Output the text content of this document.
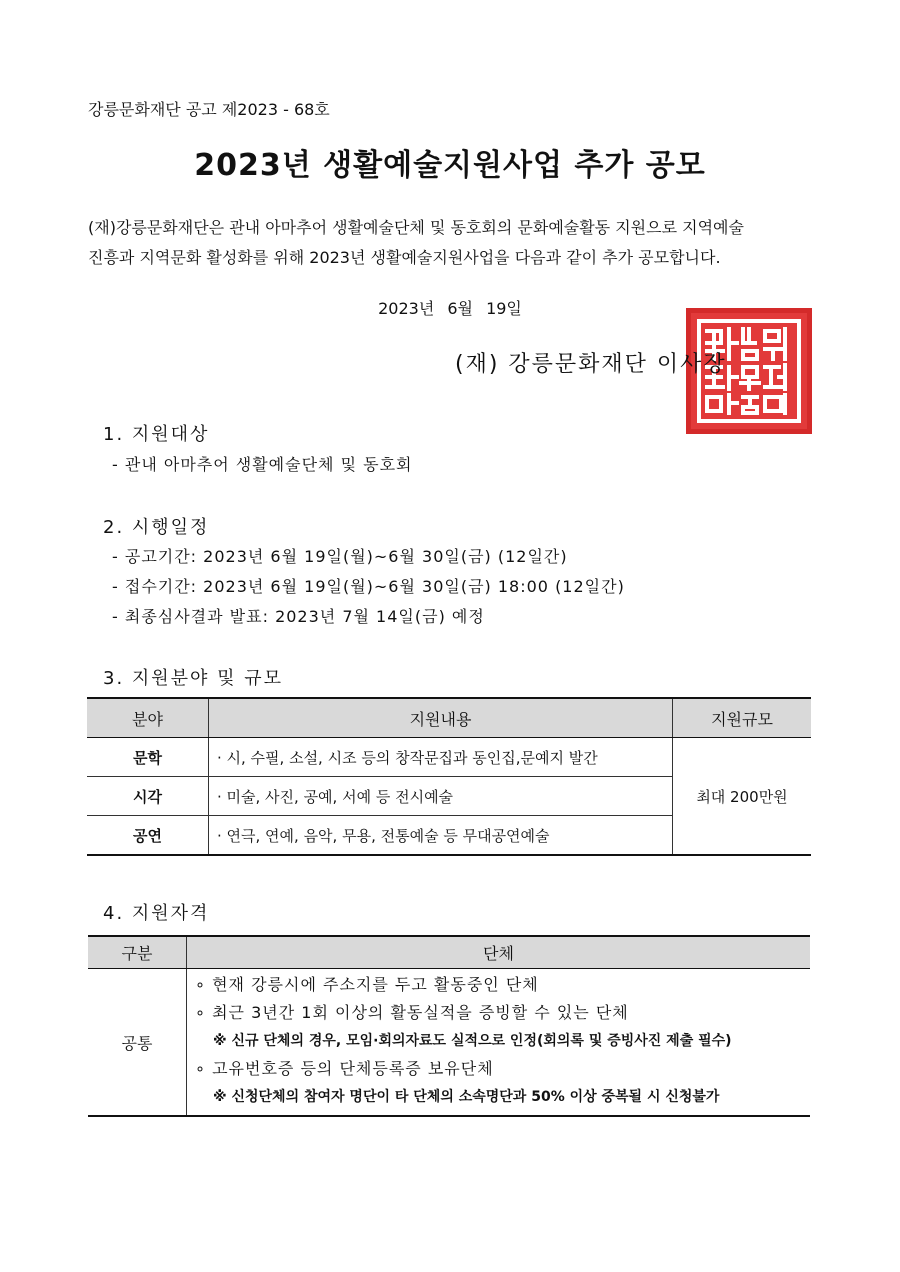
강릉문화재단 공고 제2023 - 68호
2023년 생활예술지원사업 추가 공모
(재)강릉문화재단은 관내 아마추어 생활예술단체 및 동호회의 문화예술활동 지원으로 지역예술
진흥과 지역문화 활성화를 위해 2023년 생활예술지원사업을 다음과 같이 추가 공모합니다.
2023년 6월 19일
(재) 강릉문화재단 이사장
1. 지원대상
- 관내 아마추어 생활예술단체 및 동호회
2. 시행일정
- 공고기간: 2023년 6월 19일(월)~6월 30일(금) (12일간)
- 접수기간: 2023년 6월 19일(월)~6월 30일(금) 18:00 (12일간)
- 최종심사결과 발표: 2023년 7월 14일(금) 예정
3. 지원분야 및 규모
분야	지원내용	지원규모
문학	· 시, 수필, 소설, 시조 등의 창작문집과 동인집,문예지 발간	최대 200만원
시각	· 미술, 사진, 공예, 서예 등 전시예술	
공연	· 연극, 연예, 음악, 무용, 전통예술 등 무대공연예술	
4. 지원자격
구분	단체
공통	∘ 현재 강릉시에 주소지를 두고 활동중인 단체
∘ 최근 3년간 1회 이상의 활동실적을 증빙할 수 있는 단체
※ 신규 단체의 경우, 모임·회의자료도 실적으로 인정(회의록 및 증빙사진 제출 필수)
∘ 고유번호증 등의 단체등록증 보유단체
※ 신청단체의 참여자 명단이 타 단체의 소속명단과 50% 이상 중복될 시 신청불가
